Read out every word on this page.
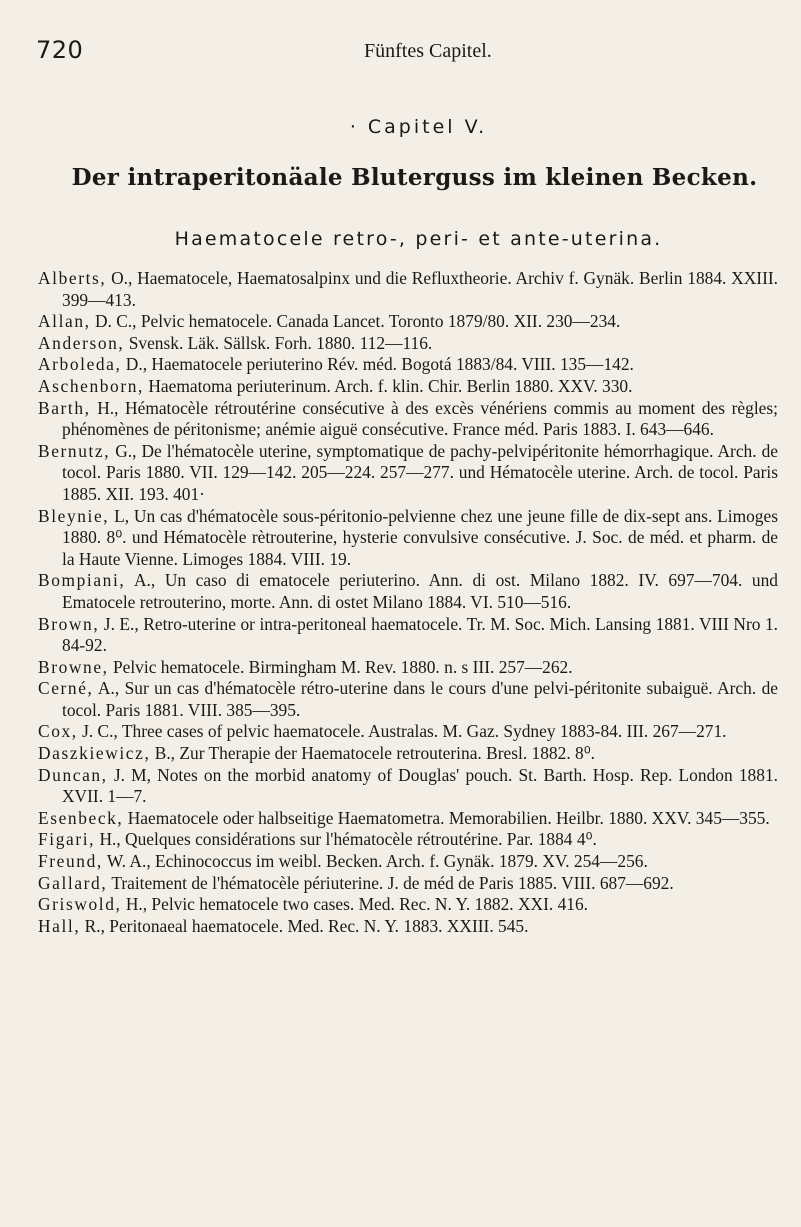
720	Fünftes Capitel.
· Capitel V.
Der intraperitonäale Bluterguss im kleinen Becken.
Haematocele retro-, peri- et ante-uterina.
Alberts, O., Haematocele, Haematosalpinx und die Refluxtheorie. Archiv f. Gynäk. Berlin 1884. XXIII. 399—413.
Allan, D. C., Pelvic hematocele. Canada Lancet. Toronto 1879/80. XII. 230—234.
Anderson, Svensk. Läk. Sällsk. Forh. 1880. 112—116.
Arboleda, D., Haematocele periuterino Rév. méd. Bogotá 1883/84. VIII. 135—142.
Aschenborn, Haematoma periuterinum. Arch. f. klin. Chir. Berlin 1880. XXV. 330.
Barth, H., Hématocèle rétroutérine consécutive à des excès vénériens commis au moment des règles; phénomènes de péritonisme; anémie aiguë consécutive. France méd. Paris 1883. I. 643—646.
Bernutz, G., De l'hématocèle uterine, symptomatique de pachy-pelvipéritonite hémorrhagique. Arch. de tocol. Paris 1880. VII. 129—142. 205—224. 257—277. und Hématocèle uterine. Arch. de tocol. Paris 1885. XII. 193. 401·
Bleynie, L, Un cas d'hématocèle sous-péritonio-pelvienne chez une jeune fille de dix-sept ans. Limoges 1880. 8⁰. und Hématocèle rètrouterine, hysterie convulsive consécutive. J. Soc. de méd. et pharm. de la Haute Vienne. Limoges 1884. VIII. 19.
Bompiani, A., Un caso di ematocele periuterino. Ann. di ost. Milano 1882. IV. 697—704. und Ematocele retrouterino, morte. Ann. di ostet Milano 1884. VI. 510—516.
Brown, J. E., Retro-uterine or intra-peritoneal haematocele. Tr. M. Soc. Mich. Lansing 1881. VIII Nro 1. 84-92.
Browne, Pelvic hematocele. Birmingham M. Rev. 1880. n. s III. 257—262.
Cerné, A., Sur un cas d'hématocèle rétro-uterine dans le cours d'une pelvi-péritonite subaiguë. Arch. de tocol. Paris 1881. VIII. 385—395.
Cox, J. C., Three cases of pelvic haematocele. Australas. M. Gaz. Sydney 1883-84. III. 267—271.
Daszkiewicz, B., Zur Therapie der Haematocele retrouterina. Bresl. 1882. 8⁰.
Duncan, J. M, Notes on the morbid anatomy of Douglas' pouch. St. Barth. Hosp. Rep. London 1881. XVII. 1—7.
Esenbeck, Haematocele oder halbseitige Haematometra. Memorabilien. Heilbr. 1880. XXV. 345—355.
Figari, H., Quelques considérations sur l'hématocèle rétroutérine. Par. 1884 4⁰.
Freund, W. A., Echinococcus im weibl. Becken. Arch. f. Gynäk. 1879. XV. 254—256.
Gallard, Traitement de l'hématocèle périuterine. J. de méd de Paris 1885. VIII. 687—692.
Griswold, H., Pelvic hematocele two cases. Med. Rec. N. Y. 1882. XXI. 416.
Hall, R., Peritonaeal haematocele. Med. Rec. N. Y. 1883. XXIII. 545.
